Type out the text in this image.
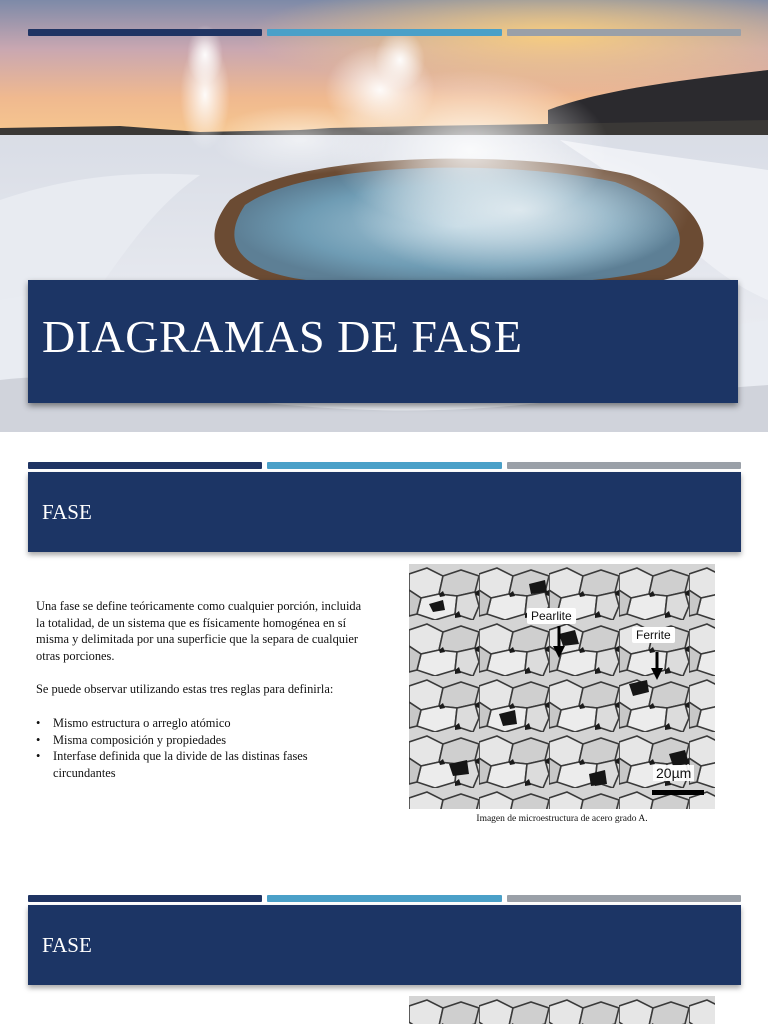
DIAGRAMAS DE FASE
FASE

Una fase se define teóricamente como cualquier porción, incluida la totalidad, de un sistema que es físicamente homogénea en sí misma y delimitada por una superficie que la separa de cualquier otras porciones.

Se puede observar utilizando estas tres reglas para definirla:

• Mismo estructura o arreglo atómico
• Misma composición y propiedades
• Interfase definida que la divide de las distinas fases circundantes
Pearlite
Ferrite
20µm
Imagen de microestructura de acero grado A.
FASE
